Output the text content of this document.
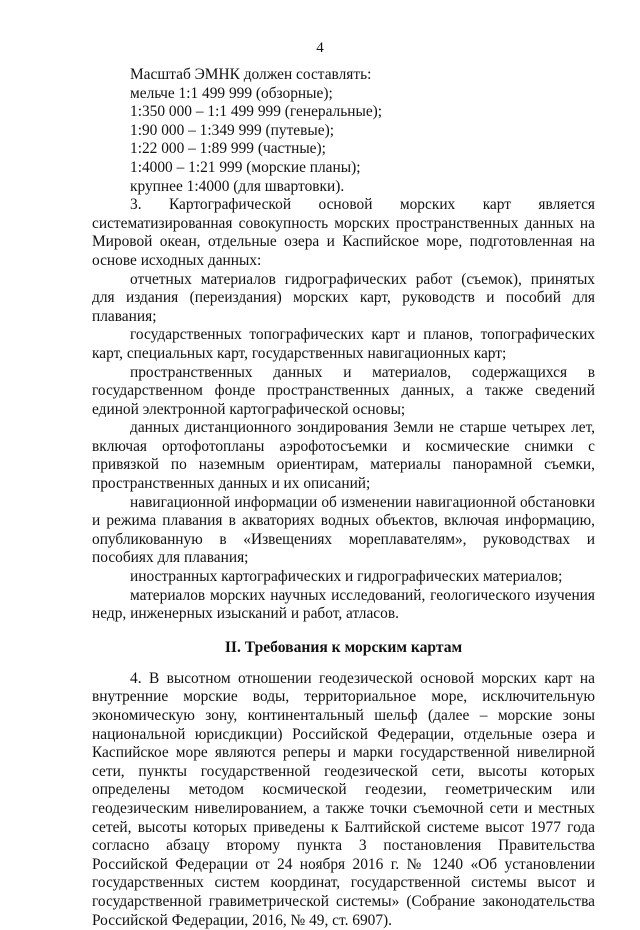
4
Масштаб ЭМНК должен составлять:
мельче 1:1 499 999 (обзорные);
1:350 000 – 1:1 499 999 (генеральные);
1:90 000 – 1:349 999 (путевые);
1:22 000 – 1:89 999 (частные);
1:4000 – 1:21 999 (морские планы);
крупнее 1:4000 (для швартовки).

3. Картографической основой морских карт является систематизированная совокупность морских пространственных данных на Мировой океан, отдельные озера и Каспийское море, подготовленная на основе исходных данных:

отчетных материалов гидрографических работ (съемок), принятых для издания (переиздания) морских карт, руководств и пособий для плавания;

государственных топографических карт и планов, топографических карт, специальных карт, государственных навигационных карт;

пространственных данных и материалов, содержащихся в государственном фонде пространственных данных, а также сведений единой электронной картографической основы;

данных дистанционного зондирования Земли не старше четырех лет, включая ортофотопланы аэрофотосъемки и космические снимки с привязкой по наземным ориентирам, материалы панорамной съемки, пространственных данных и их описаний;

навигационной информации об изменении навигационной обстановки и режима плавания в акваториях водных объектов, включая информацию, опубликованную в «Извещениях мореплавателям», руководствах и пособиях для плавания;

иностранных картографических и гидрографических материалов;

материалов морских научных исследований, геологического изучения недр, инженерных изысканий и работ, атласов.

II. Требования к морским картам

4. В высотном отношении геодезической основой морских карт на внутренние морские воды, территориальное море, исключительную экономическую зону, континентальный шельф (далее – морские зоны национальной юрисдикции) Российской Федерации, отдельные озера и Каспийское море являются реперы и марки государственной нивелирной сети, пункты государственной геодезической сети, высоты которых определены методом космической геодезии, геометрическим или геодезическим нивелированием, а также точки съемочной сети и местных сетей, высоты которых приведены к Балтийской системе высот 1977 года согласно абзацу второму пункта 3 постановления Правительства Российской Федерации от 24 ноября 2016 г. № 1240 «Об установлении государственных систем координат, государственной системы высот и государственной гравиметрической системы» (Собрание законодательства Российской Федерации, 2016, № 49, ст. 6907).
